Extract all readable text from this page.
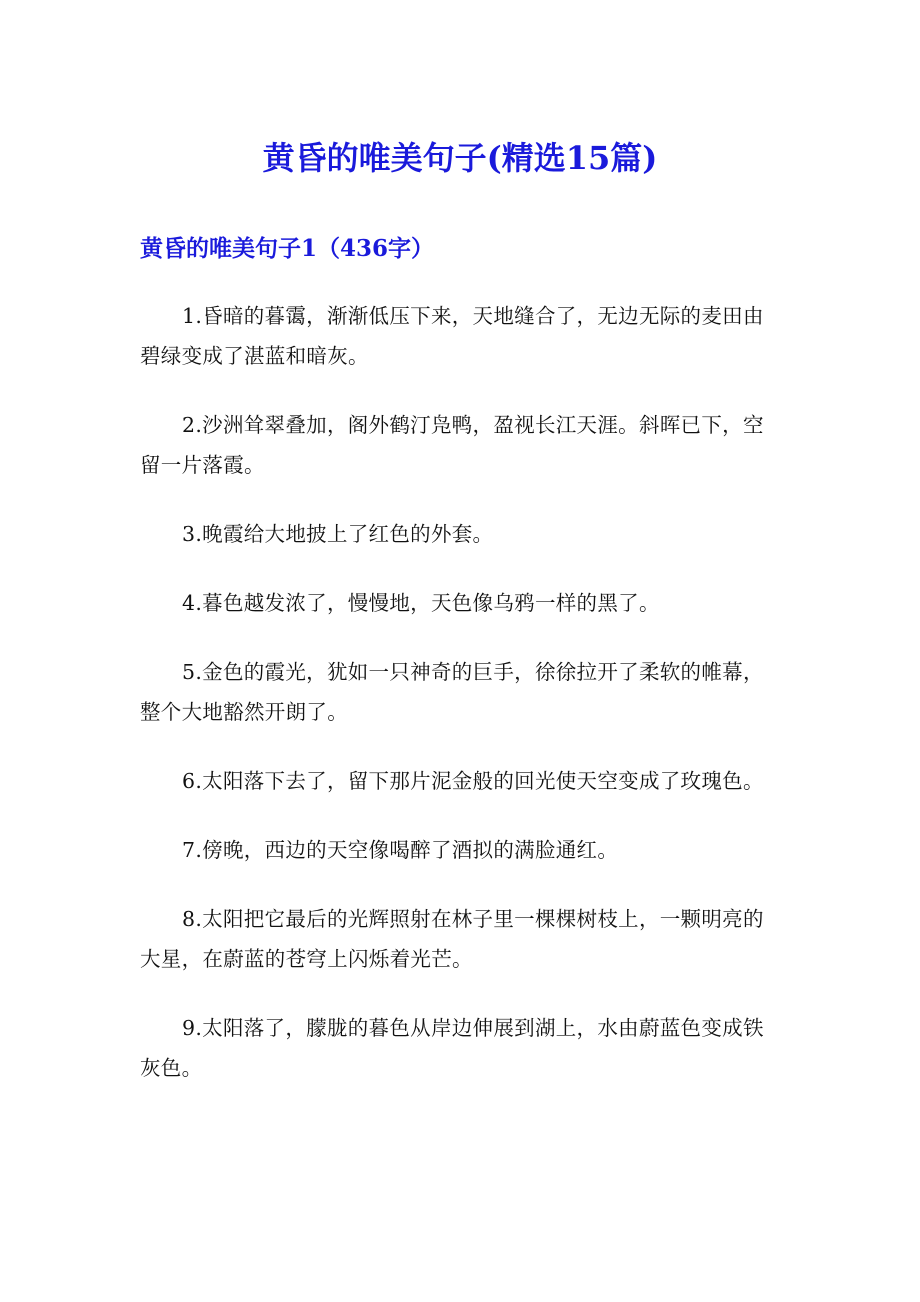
黄昏的唯美句子(精选15篇)
黄昏的唯美句子1（436字）
1.昏暗的暮霭，渐渐低压下来，天地缝合了，无边无际的麦田由碧绿变成了湛蓝和暗灰。
2.沙洲耸翠叠加，阁外鹤汀凫鸭，盈视长江天涯。斜晖已下，空留一片落霞。
3.晚霞给大地披上了红色的外套。
4.暮色越发浓了，慢慢地，天色像乌鸦一样的黑了。
5.金色的霞光，犹如一只神奇的巨手，徐徐拉开了柔软的帷幕，整个大地豁然开朗了。
6.太阳落下去了，留下那片泥金般的回光使天空变成了玫瑰色。
7.傍晚，西边的天空像喝醉了酒拟的满脸通红。
8.太阳把它最后的光辉照射在林子里一棵棵树枝上，一颗明亮的大星，在蔚蓝的苍穹上闪烁着光芒。
9.太阳落了，朦胧的暮色从岸边伸展到湖上，水由蔚蓝色变成铁灰色。
